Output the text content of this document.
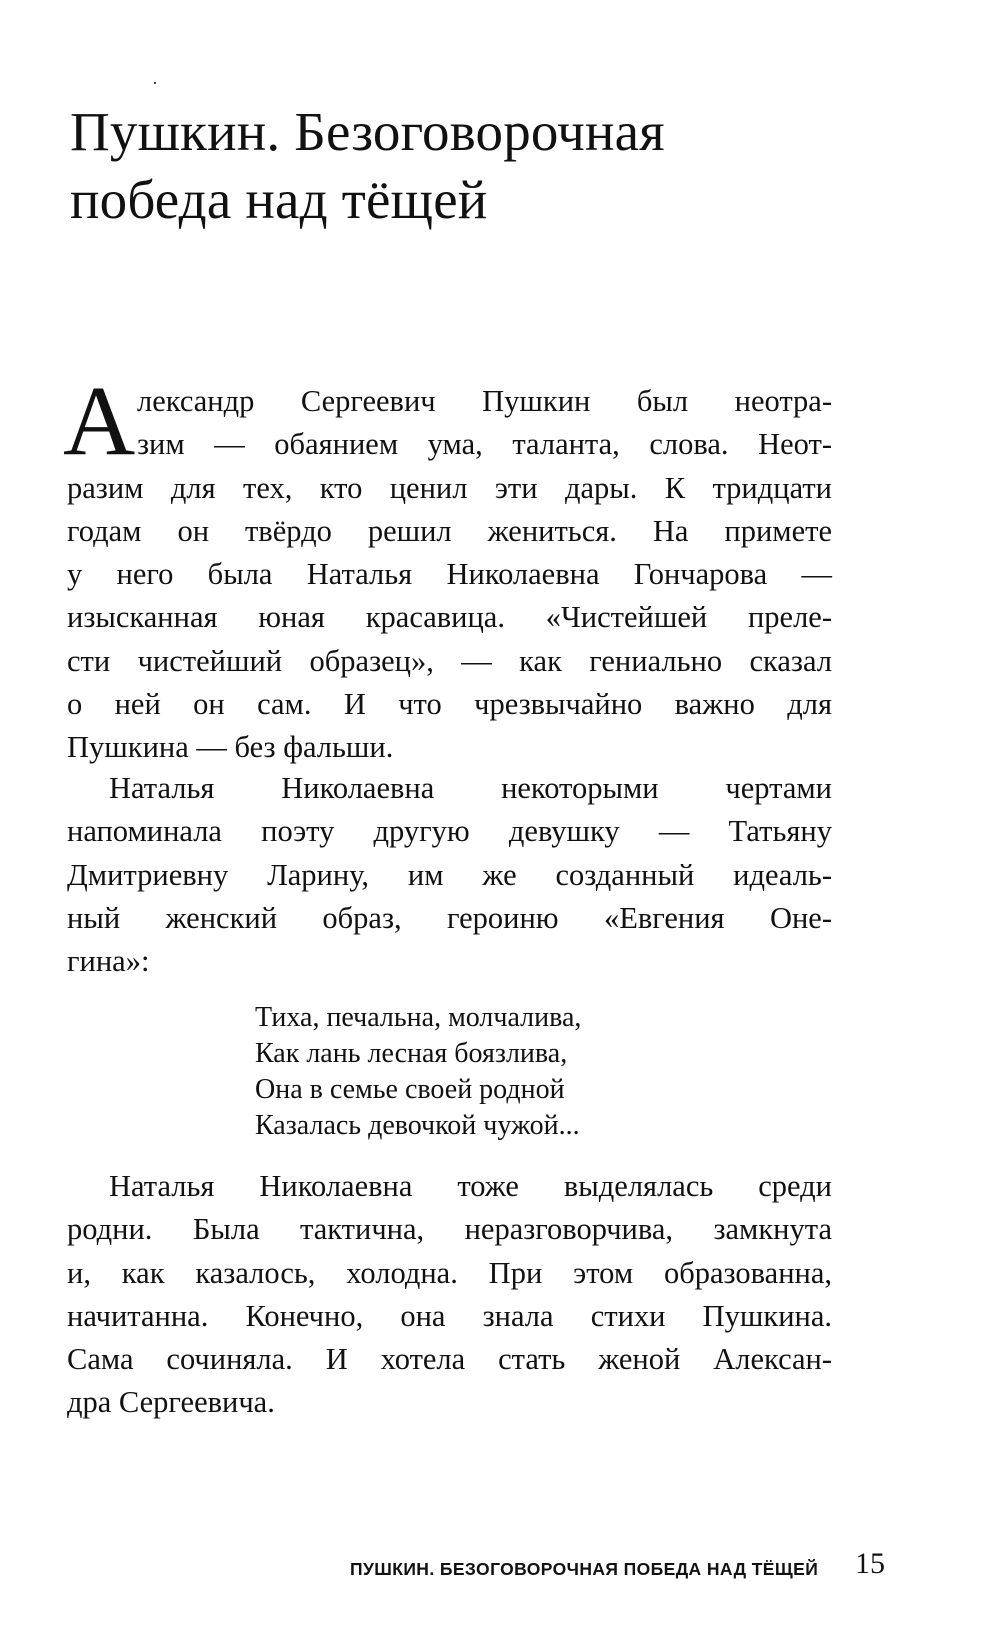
Пушкин. Безоговорочная
победа над тёщей
А лександр Сергеевич Пушкин был неотра-
зим — обаянием ума, таланта, слова. Неот-
разим для тех, кто ценил эти дары. К тридцати
годам он твёрдо решил жениться. На примете
у него была Наталья Николаевна Гончарова —
изысканная юная красавица. «Чистейшей преле-
сти чистейший образец», — как гениально сказал
о ней он сам. И что чрезвычайно важно для
Пушкина — без фальши.

Наталья Николаевна некоторыми чертами
напоминала поэту другую девушку — Татьяну
Дмитриевну Ларину, им же созданный идеаль-
ный женский образ, героиню «Евгения Оне-
гина»:

Тиха, печальна, молчалива,
Как лань лесная боязлива,
Она в семье своей родной
Казалась девочкой чужой...

Наталья Николаевна тоже выделялась среди
родни. Была тактична, неразговорчива, замкнута
и, как казалось, холодна. При этом образованна,
начитанна. Конечно, она знала стихи Пушкина.
Сама сочиняла. И хотела стать женой Алексан-
дра Сергеевича.

ПУШКИН. БЕЗОГОВОРОЧНАЯ ПОБЕДА НАД ТЁЩЕЙ 15
